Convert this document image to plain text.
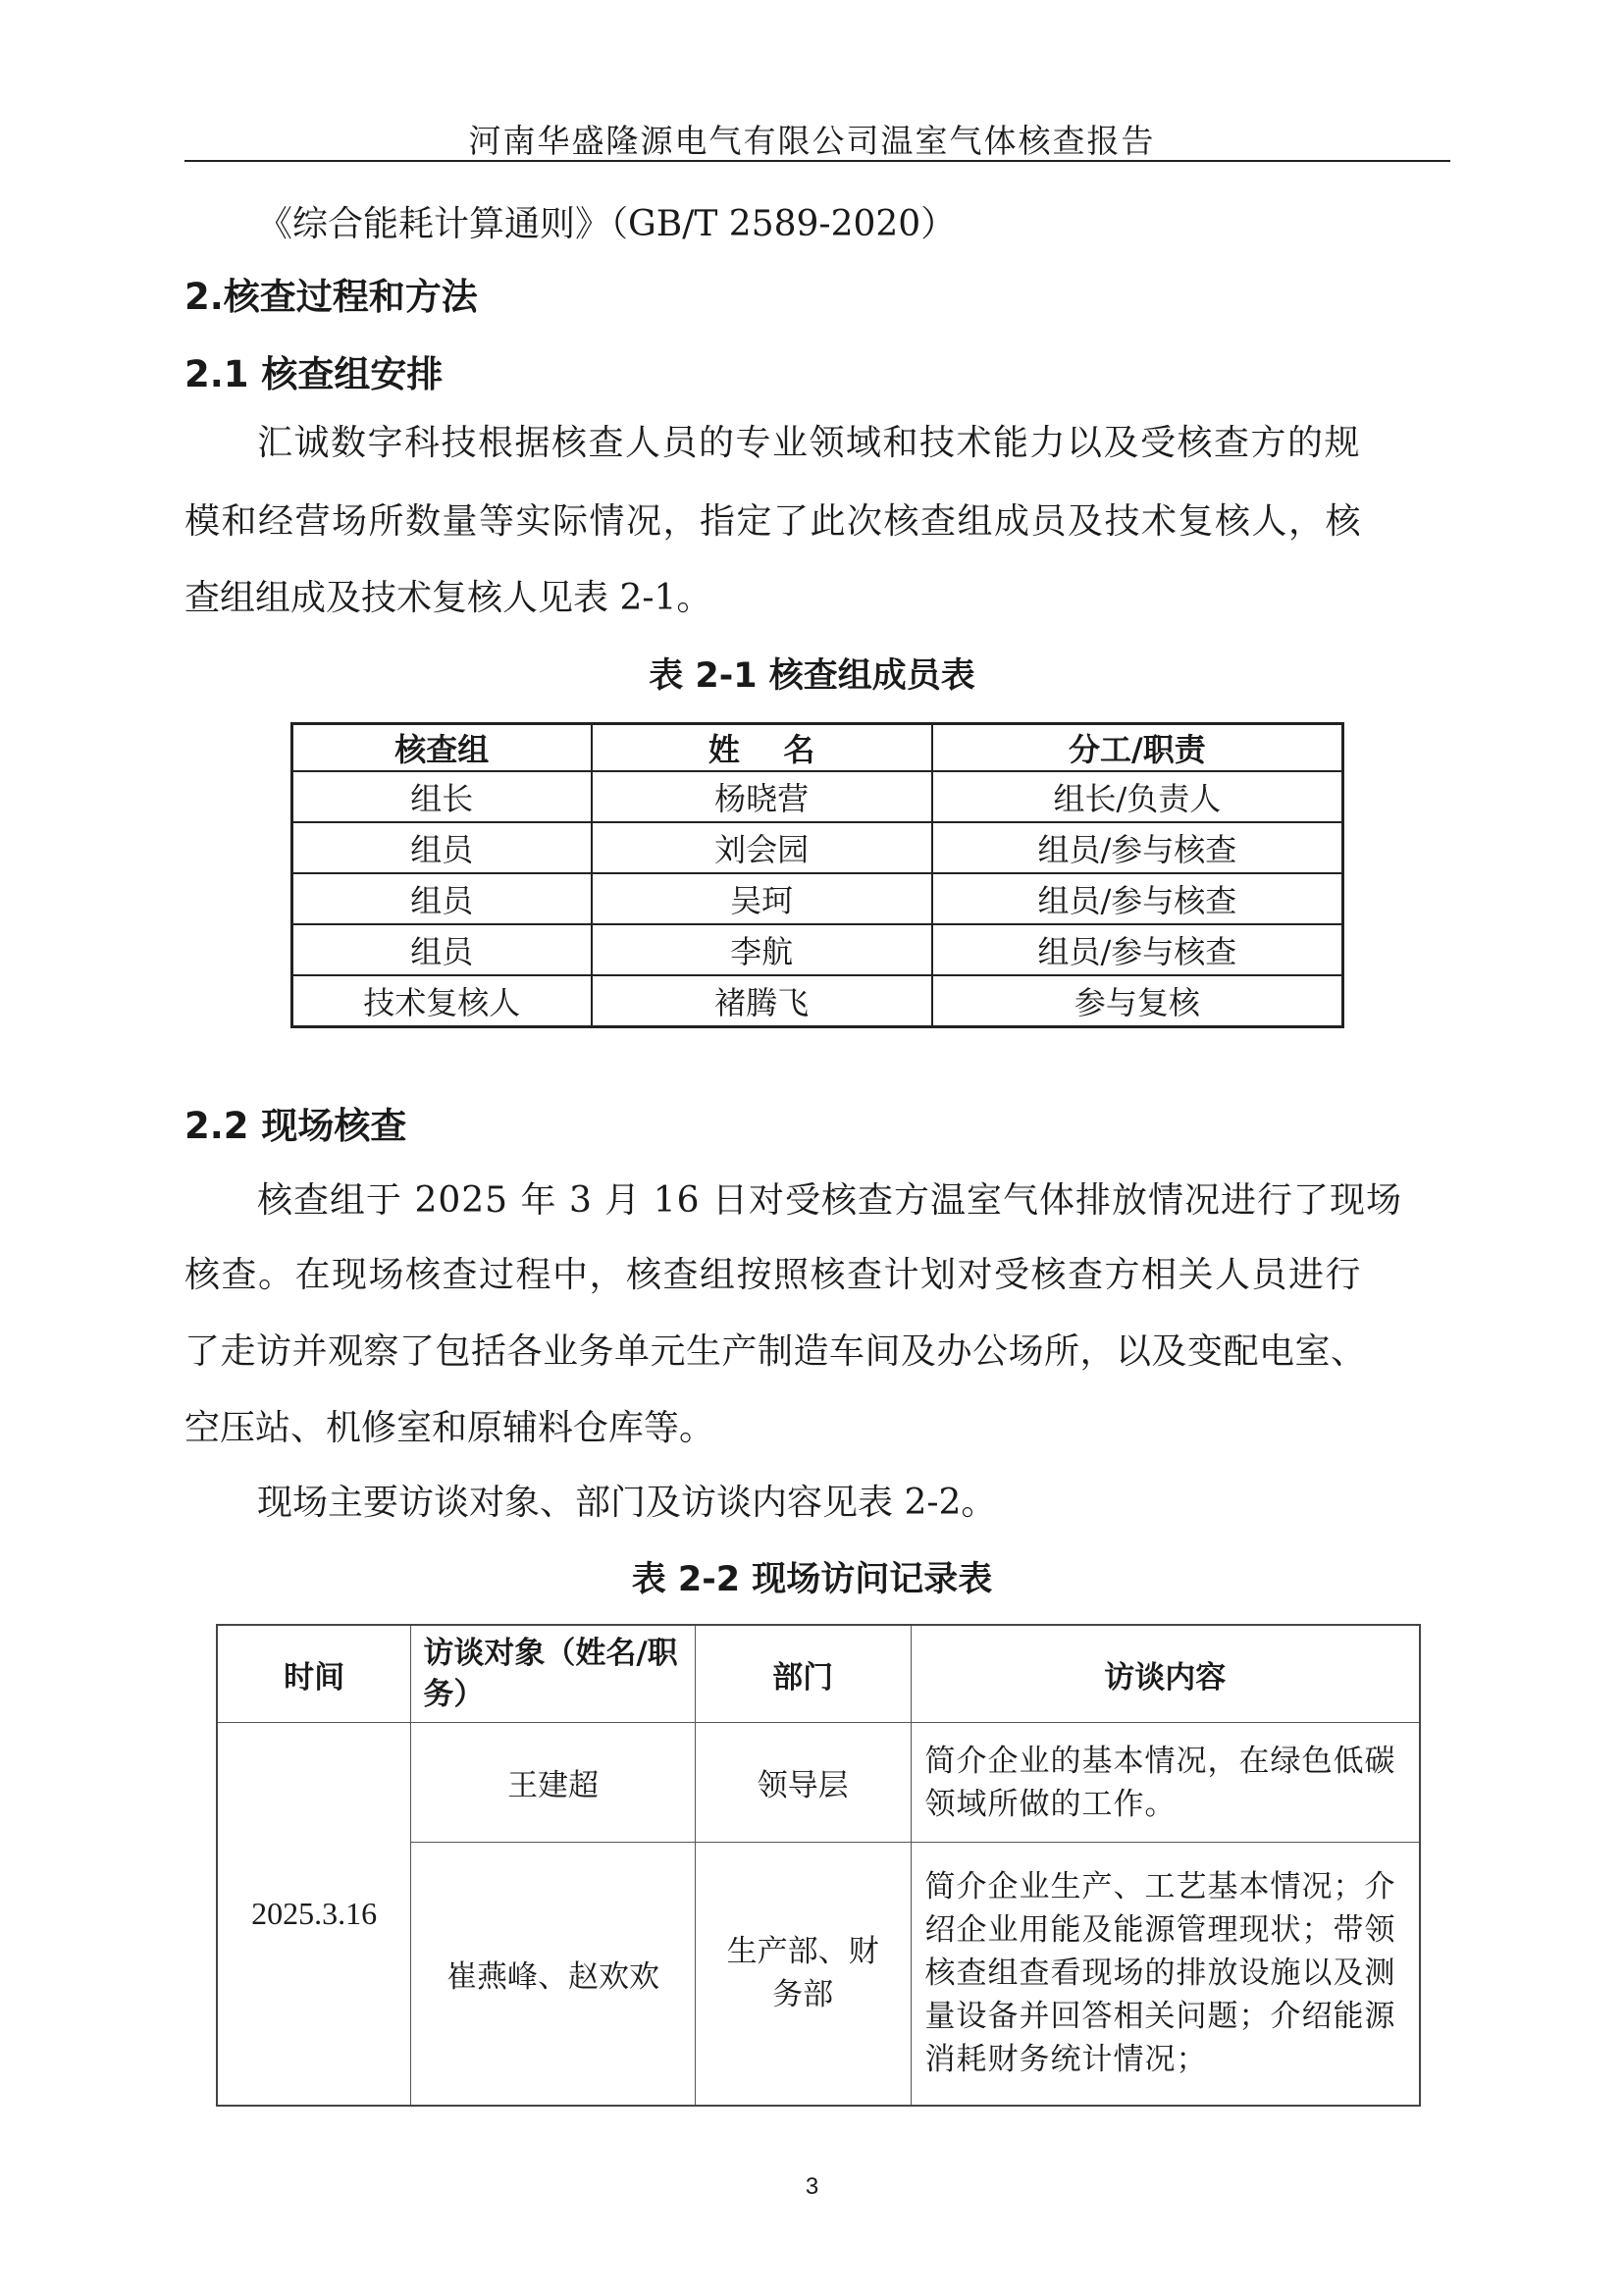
河南华盛隆源电气有限公司温室气体核查报告
《综合能耗计算通则》（GB/T 2589-2020）
2.核查过程和方法
2.1 核查组安排
汇诚数字科技根据核查人员的专业领域和技术能力以及受核查方的规
模和经营场所数量等实际情况，指定了此次核查组成员及技术复核人，核
查组组成及技术复核人见表 2-1。
表 2-1 核查组成员表
核查组	姓    名	分工/职责
组长	杨晓营	组长/负责人
组员	刘会园	组员/参与核查
组员	吴珂	组员/参与核查
组员	李航	组员/参与核查
技术复核人	褚腾飞	参与复核
2.2 现场核查
核查组于 2025 年 3 月 16 日对受核查方温室气体排放情况进行了现场
核查。在现场核查过程中，核查组按照核查计划对受核查方相关人员进行
了走访并观察了包括各业务单元生产制造车间及办公场所，以及变配电室、
空压站、机修室和原辅料仓库等。
现场主要访谈对象、部门及访谈内容见表 2-2。
表 2-2 现场访问记录表
时间	访谈对象（姓名/职务）	部门	访谈内容
2025.3.16	王建超	领导层	简介企业的基本情况，在绿色低碳领域所做的工作。
	崔燕峰、赵欢欢	生产部、财务部	简介企业生产、工艺基本情况；介绍企业用能及能源管理现状；带领核查组查看现场的排放设施以及测量设备并回答相关问题；介绍能源消耗财务统计情况；
3
